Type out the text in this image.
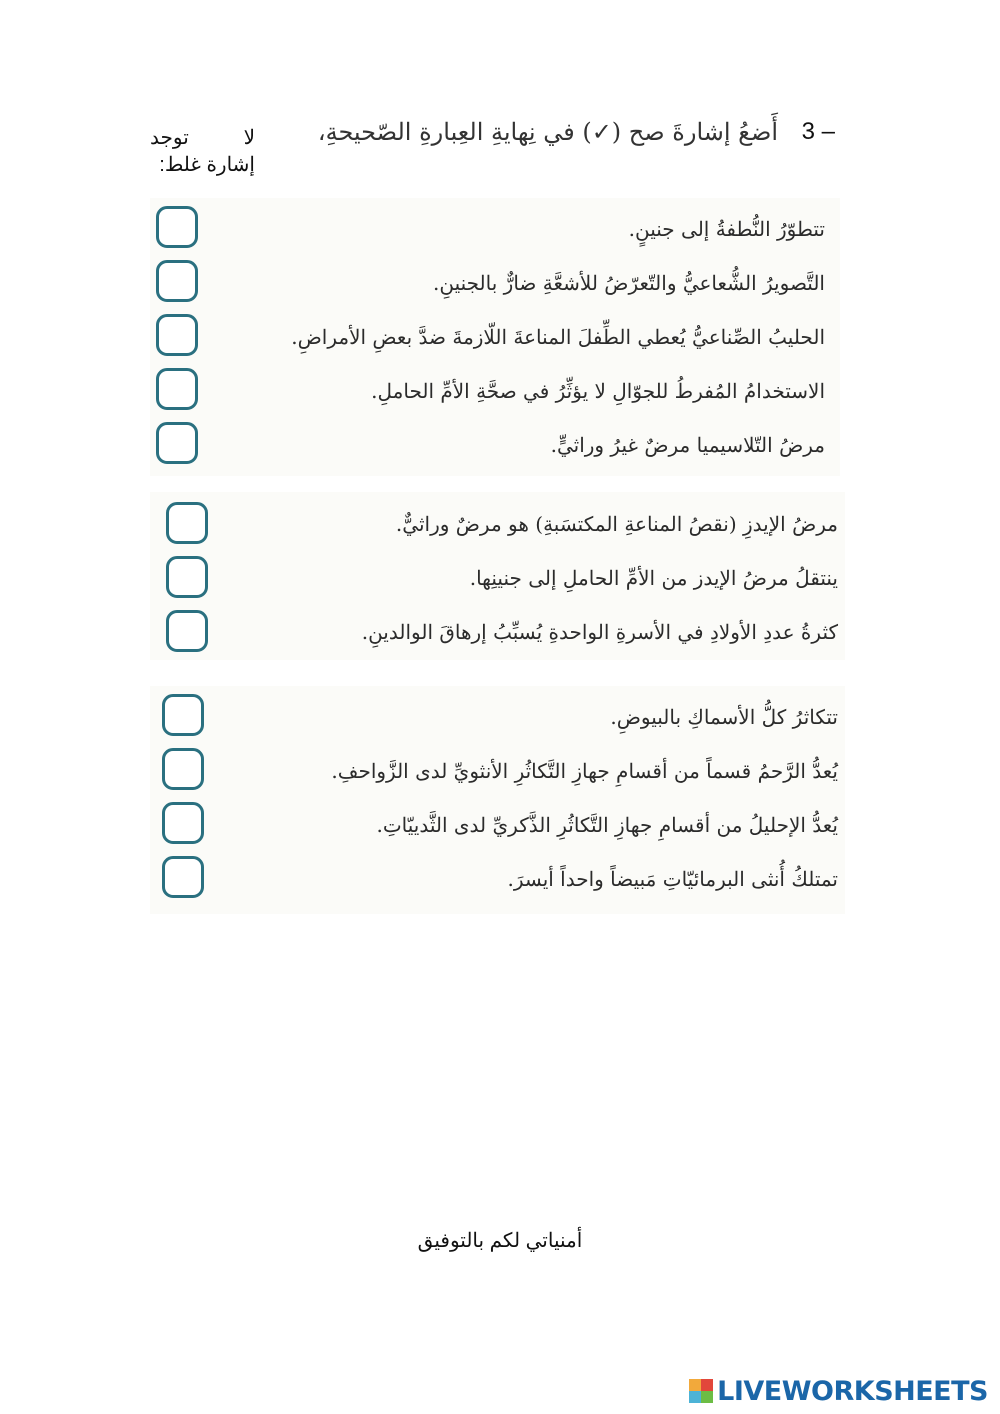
3 –
أَضعُ إشارةَ صح (✓) في نِهايةِ العِبارةِ الصّحيحةِ،
لا توجد إشارة غلط:
تتطوّرُ النُّطفةُ إلى جنينٍ.
التَّصويرُ الشُّعاعيُّ والتّعرّضُ للأشعَّةِ ضارٌّ بالجنينِ.
الحليبُ الصِّناعيُّ يُعطي الطِّفلَ المناعةَ اللّازمةَ ضدَّ بعضِ الأمراضِ.
الاستخدامُ المُفرطُ للجوّالِ لا يؤثِّرُ في صحَّةِ الأمِّ الحاملِ.
مرضُ التّلاسيميا مرضٌ غيرُ وراثيٍّ.
مرضُ الإيدزِ (نقصُ المناعةِ المكتسَبةِ) هو مرضٌ وراثيٌّ.
ينتقلُ مرضُ الإيدز من الأمِّ الحاملِ إلى جنينِها.
كثرةُ عددِ الأولادِ في الأسرةِ الواحدةِ يُسبِّبُ إرهاقَ الوالدينِ.
تتكاثرُ كلُّ الأسماكِ بالبيوضِ.
يُعدُّ الرَّحمُ قسماً من أقسامِ جهازِ التَّكاثُرِ الأنثويِّ لدى الزَّواحفِ.
يُعدُّ الإحليلُ من أقسامِ جهازِ التَّكاثُرِ الذَّكريِّ لدى الثَّدييّاتِ.
تمتلكُ أُنثى البرمائيّاتِ مَبيضاً واحداً أيسرَ.
أمنياتي لكم بالتوفيق
LIVEWORKSHEETS
